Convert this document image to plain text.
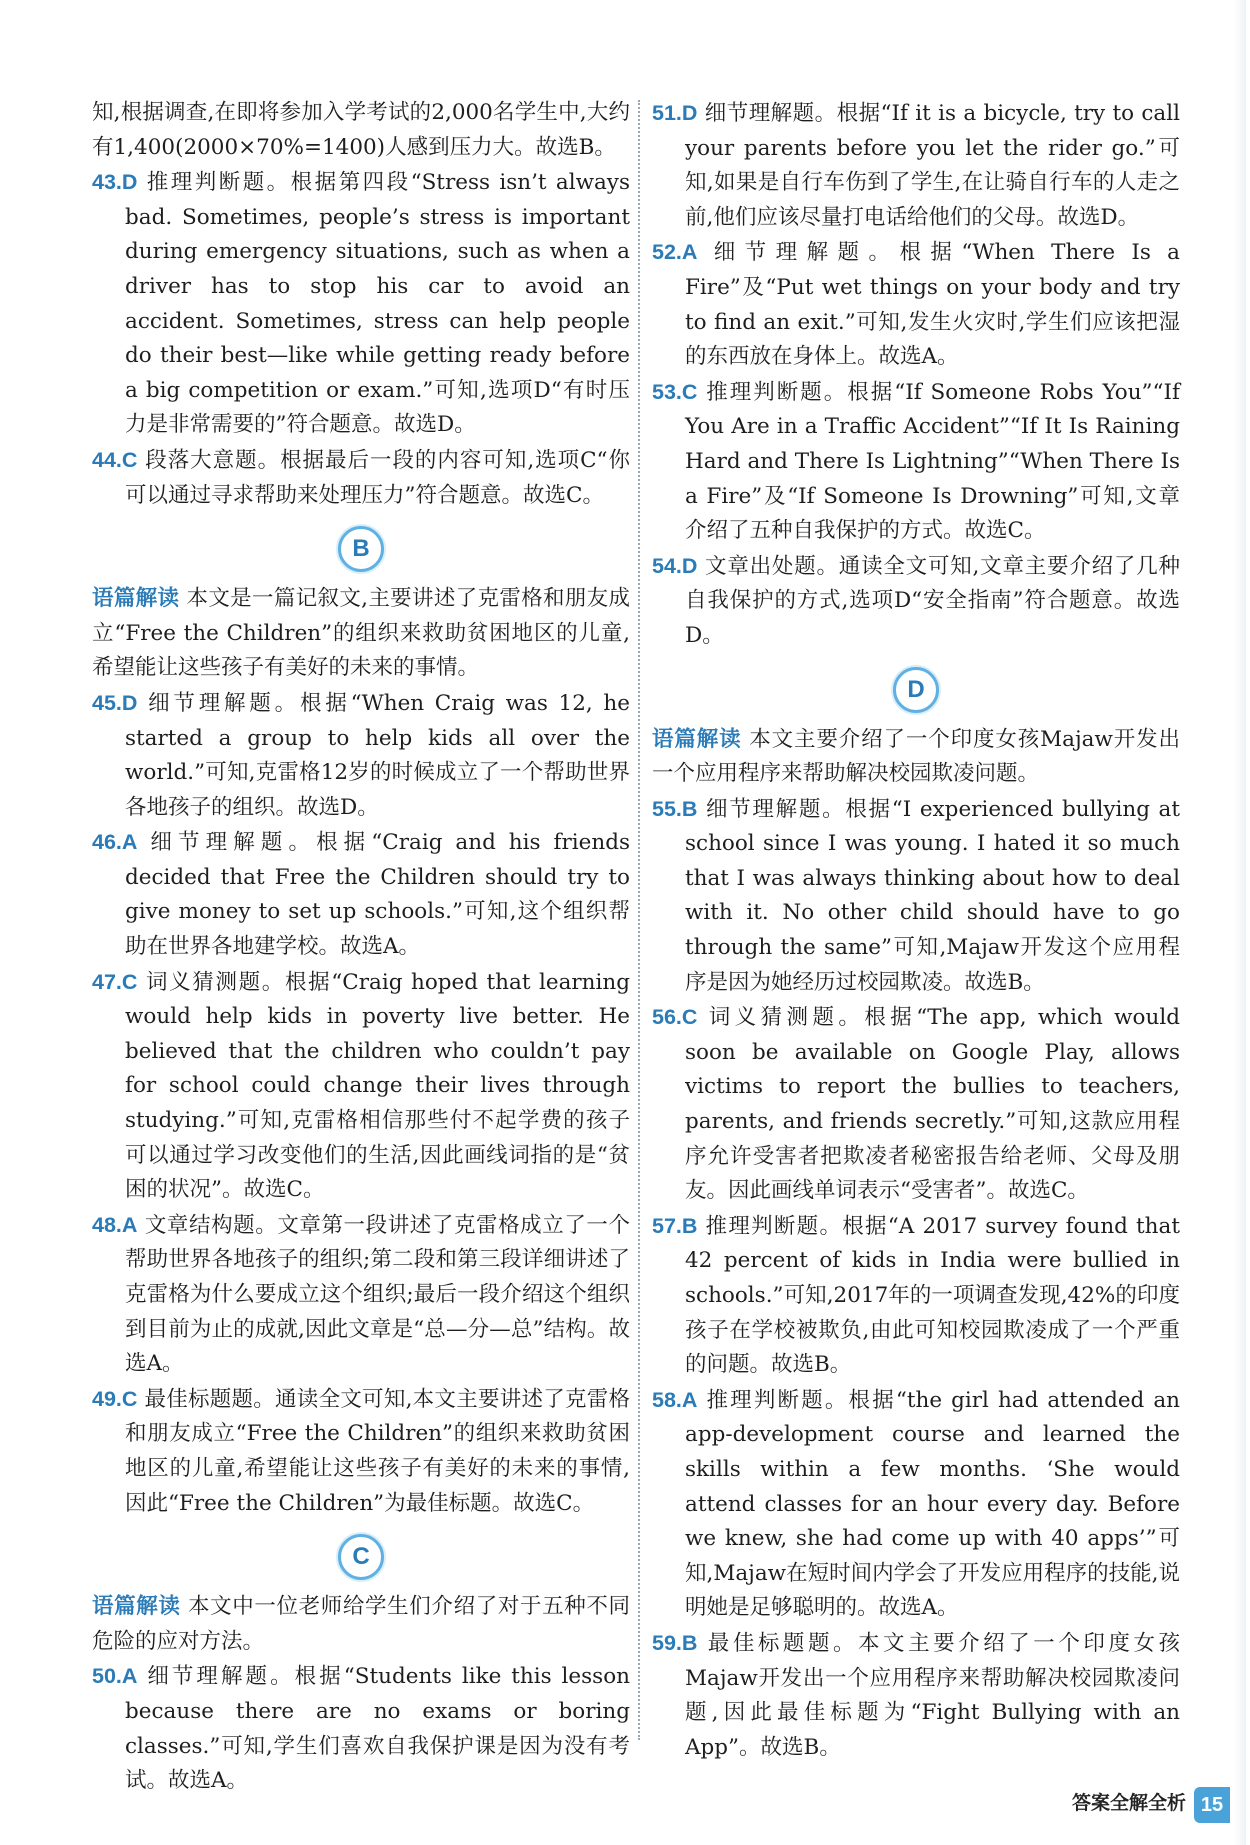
知,根据调查,在即将参加入学考试的2,000名学生中,大约有1,400(2000×70%=1400)人感到压力大。故选B。

43.D 推理判断题。根据第四段“Stress isn’t always bad. Sometimes, people’s stress is important during emergency situations, such as when a driver has to stop his car to avoid an accident. Sometimes, stress can help people do their best—like while getting ready before a big competition or exam.”可知,选项D“有时压力是非常需要的”符合题意。故选D。

44.C 段落大意题。根据最后一段的内容可知,选项C“你可以通过寻求帮助来处理压力”符合题意。故选C。

B

语篇解读 本文是一篇记叙文,主要讲述了克雷格和朋友成立“Free the Children”的组织来救助贫困地区的儿童,希望能让这些孩子有美好的未来的事情。

45.D 细节理解题。根据“When Craig was 12, he started a group to help kids all over the world.”可知,克雷格12岁的时候成立了一个帮助世界各地孩子的组织。故选D。

46.A 细节理解题。根据“Craig and his friends decided that Free the Children should try to give money to set up schools.”可知,这个组织帮助在世界各地建学校。故选A。

47.C 词义猜测题。根据“Craig hoped that learning would help kids in poverty live better. He believed that the children who couldn’t pay for school could change their lives through studying.”可知,克雷格相信那些付不起学费的孩子可以通过学习改变他们的生活,因此画线词指的是“贫困的状况”。故选C。

48.A 文章结构题。文章第一段讲述了克雷格成立了一个帮助世界各地孩子的组织;第二段和第三段详细讲述了克雷格为什么要成立这个组织;最后一段介绍这个组织到目前为止的成就,因此文章是“总—分—总”结构。故选A。

49.C 最佳标题题。通读全文可知,本文主要讲述了克雷格和朋友成立“Free the Children”的组织来救助贫困地区的儿童,希望能让这些孩子有美好的未来的事情,因此“Free the Children”为最佳标题。故选C。

C

语篇解读 本文中一位老师给学生们介绍了对于五种不同危险的应对方法。

50.A 细节理解题。根据“Students like this lesson because there are no exams or boring classes.”可知,学生们喜欢自我保护课是因为没有考试。故选A。

51.D 细节理解题。根据“If it is a bicycle, try to call your parents before you let the rider go.”可知,如果是自行车伤到了学生,在让骑自行车的人走之前,他们应该尽量打电话给他们的父母。故选D。

52.A 细节理解题。根据“When There Is a Fire”及“Put wet things on your body and try to find an exit.”可知,发生火灾时,学生们应该把湿的东西放在身体上。故选A。

53.C 推理判断题。根据“If Someone Robs You”“If You Are in a Traffic Accident”“If It Is Raining Hard and There Is Lightning”“When There Is a Fire”及“If Someone Is Drowning”可知,文章介绍了五种自我保护的方式。故选C。

54.D 文章出处题。通读全文可知,文章主要介绍了几种自我保护的方式,选项D“安全指南”符合题意。故选D。

D

语篇解读 本文主要介绍了一个印度女孩Majaw开发出一个应用程序来帮助解决校园欺凌问题。

55.B 细节理解题。根据“I experienced bullying at school since I was young. I hated it so much that I was always thinking about how to deal with it. No other child should have to go through the same”可知,Majaw开发这个应用程序是因为她经历过校园欺凌。故选B。

56.C 词义猜测题。根据“The app, which would soon be available on Google Play, allows victims to report the bullies to teachers, parents, and friends secretly.”可知,这款应用程序允许受害者把欺凌者秘密报告给老师、父母及朋友。因此画线单词表示“受害者”。故选C。

57.B 推理判断题。根据“A 2017 survey found that 42 percent of kids in India were bullied in schools.”可知,2017年的一项调查发现,42%的印度孩子在学校被欺负,由此可知校园欺凌成了一个严重的问题。故选B。

58.A 推理判断题。根据“the girl had attended an app-development course and learned the skills within a few months. ‘She would attend classes for an hour every day. Before we knew, she had come up with 40 apps’”可知,Majaw在短时间内学会了开发应用程序的技能,说明她是足够聪明的。故选A。

59.B 最佳标题题。本文主要介绍了一个印度女孩Majaw开发出一个应用程序来帮助解决校园欺凌问题,因此最佳标题为“Fight Bullying with an App”。故选B。

答案全解全析 15
